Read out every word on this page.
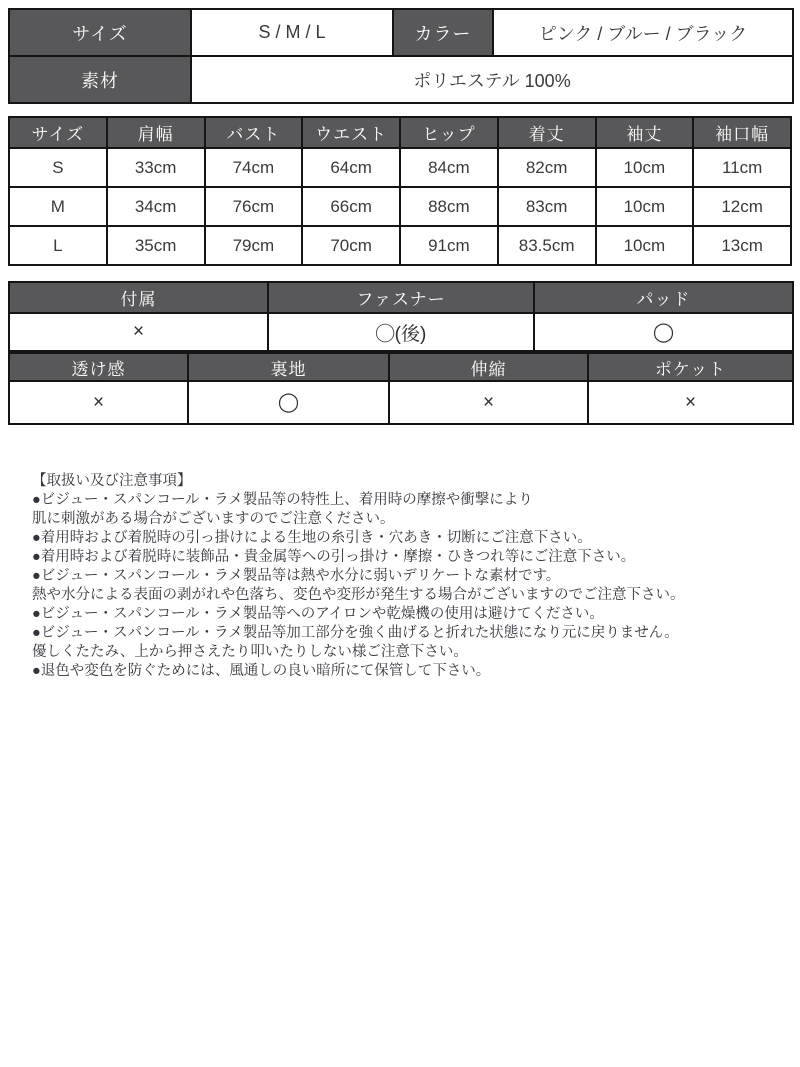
サイズ	S / M / L	カラー	ピンク / ブルー / ブラック
素材	ポリエステル 100%		
サイズ	肩幅	バスト	ウエスト	ヒップ	着丈	袖丈	袖口幅
S	33cm	74cm	64cm	84cm	82cm	10cm	11cm
M	34cm	76cm	66cm	88cm	83cm	10cm	12cm
L	35cm	79cm	70cm	91cm	83.5cm	10cm	13cm
付属	ファスナー	パッド
×	◯(後)	◯
透け感	裏地	伸縮	ポケット
×	◯	×	×
【取扱い及び注意事項】
●ビジュー・スパンコール・ラメ製品等の特性上、着用時の摩擦や衝撃により
肌に刺激がある場合がございますのでご注意ください。
●着用時および着脱時の引っ掛けによる生地の糸引き・穴あき・切断にご注意下さい。
●着用時および着脱時に装飾品・貴金属等への引っ掛け・摩擦・ひきつれ等にご注意下さい。
●ビジュー・スパンコール・ラメ製品等は熱や水分に弱いデリケートな素材です。
熱や水分による表面の剥がれや色落ち、変色や変形が発生する場合がございますのでご注意下さい。
●ビジュー・スパンコール・ラメ製品等へのアイロンや乾燥機の使用は避けてください。
●ビジュー・スパンコール・ラメ製品等加工部分を強く曲げると折れた状態になり元に戻りません。
優しくたたみ、上から押さえたり叩いたりしない様ご注意下さい。
●退色や変色を防ぐためには、風通しの良い暗所にて保管して下さい。
